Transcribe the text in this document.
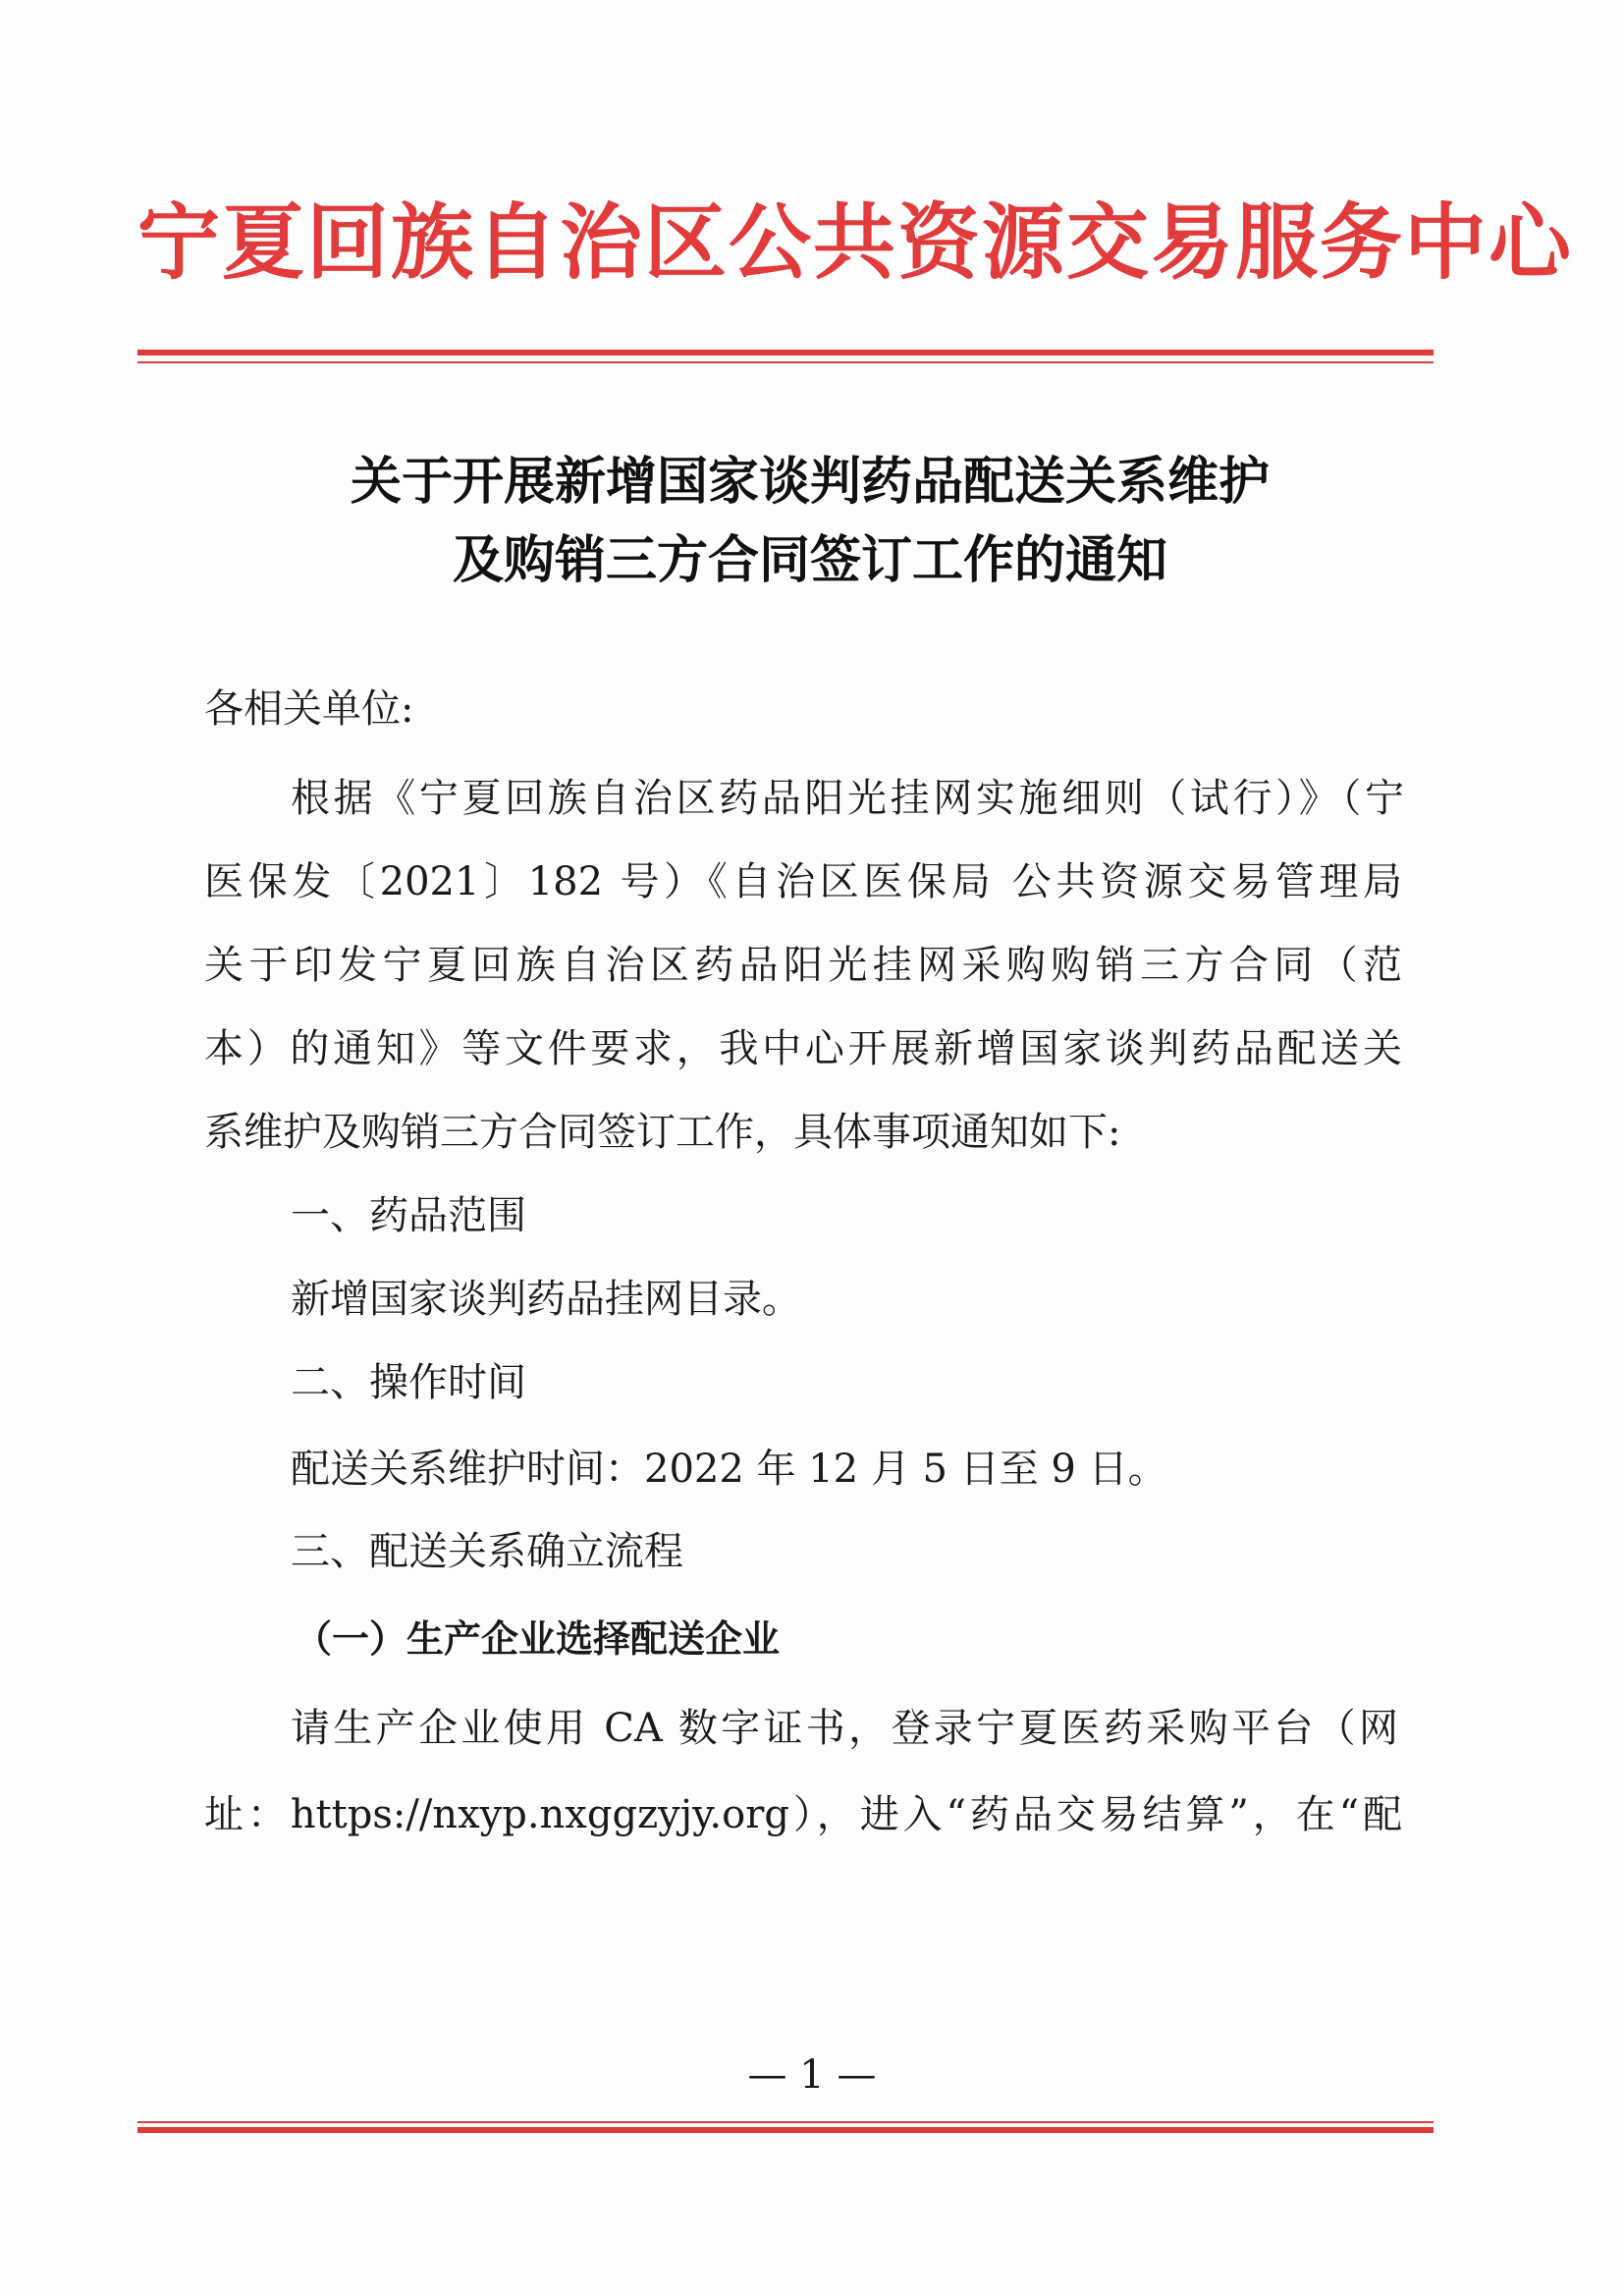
宁夏回族自治区公共资源交易服务中心
关于开展新增国家谈判药品配送关系维护
及购销三方合同签订工作的通知
各相关单位:
根据《宁夏回族自治区药品阳光挂网实施细则（试行）》（宁
医保发〔2021〕182 号）《自治区医保局 公共资源交易管理局
关于印发宁夏回族自治区药品阳光挂网采购购销三方合同（范
本）的通知》等文件要求，我中心开展新增国家谈判药品配送关
系维护及购销三方合同签订工作，具体事项通知如下:
一、药品范围
新增国家谈判药品挂网目录。
二、操作时间
配送关系维护时间：2022 年 12 月 5 日至 9 日。
三、配送关系确立流程
（一）生产企业选择配送企业
请生产企业使用 CA 数字证书，登录宁夏医药采购平台（网
址：https://nxyp.nxggzyjy.org），进入“药品交易结算”，在“配
— 1 —
